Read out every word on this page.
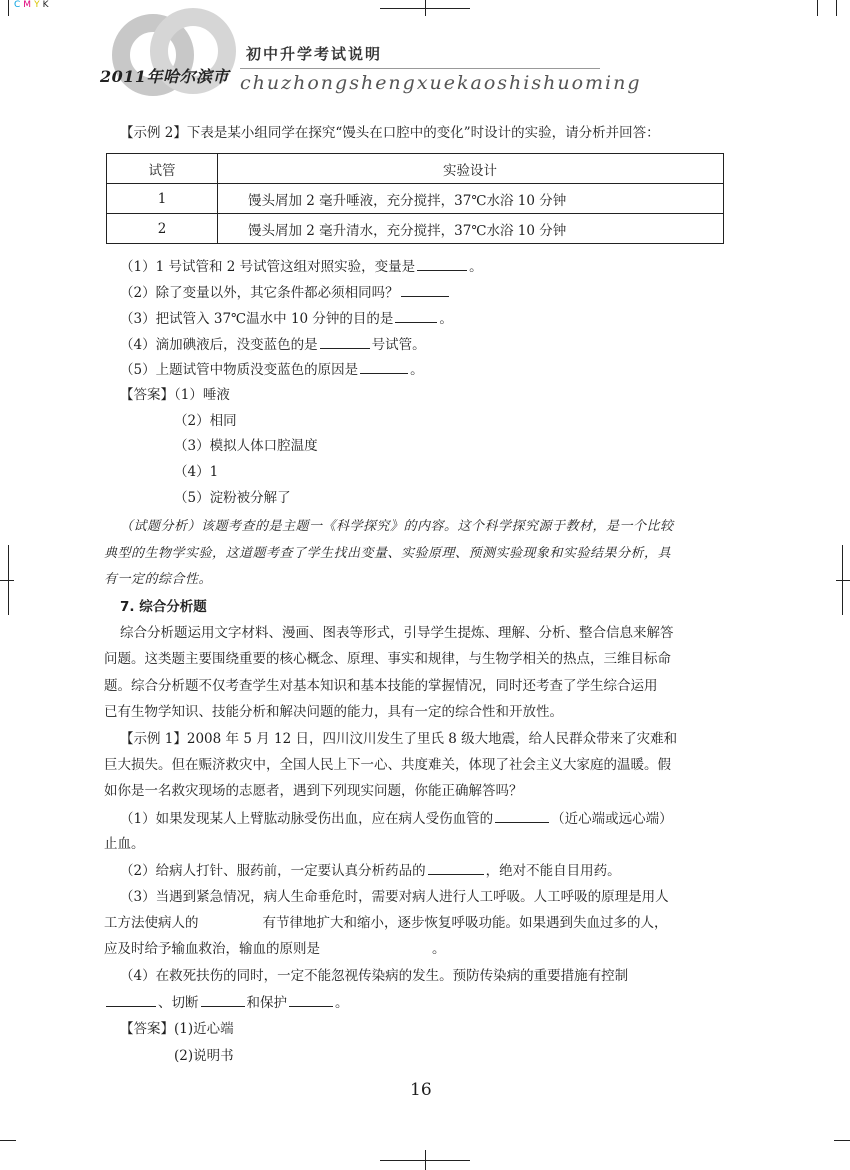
CMYK
2011年哈尔滨市
初中升学考试说明
chuzhongshengxuekaoshishuoming
【示例 2】下表是某小组同学在探究“馒头在口腔中的变化”时设计的实验，请分析并回答：
试管	实验设计
1	馒头屑加 2 毫升唾液，充分搅拌，37℃水浴 10 分钟
2	馒头屑加 2 毫升清水，充分搅拌，37℃水浴 10 分钟
（1）1 号试管和 2 号试管这组对照实验，变量是	。
（2）除了变量以外，其它条件都必须相同吗？
（3）把试管入 37℃温水中 10 分钟的目的是	。
（4）滴加碘液后，没变蓝色的是	号试管。
（5）上题试管中物质没变蓝色的原因是	。
【答案】（1）唾液
（2）相同
（3）模拟人体口腔温度
（4）1
（5）淀粉被分解了
（试题分析）该题考查的是主题一《科学探究》的内容。这个科学探究源于教材，是一个比较
典型的生物学实验，这道题考查了学生找出变量、实验原理、预测实验现象和实验结果分析，具
有一定的综合性。
7. 综合分析题
综合分析题运用文字材料、漫画、图表等形式，引导学生提炼、理解、分析、整合信息来解答
问题。这类题主要围绕重要的核心概念、原理、事实和规律，与生物学相关的热点，三维目标命
题。综合分析题不仅考查学生对基本知识和基本技能的掌握情况，同时还考查了学生综合运用
已有生物学知识、技能分析和解决问题的能力，具有一定的综合性和开放性。
【示例 1】2008 年 5 月 12 日，四川汶川发生了里氏 8 级大地震，给人民群众带来了灾难和
巨大损失。但在赈济救灾中，全国人民上下一心、共度难关，体现了社会主义大家庭的温暖。假
如你是一名救灾现场的志愿者，遇到下列现实问题，你能正确解答吗？
（1）如果发现某人上臂肱动脉受伤出血，应在病人受伤血管的	（近心端或远心端）
止血。
（2）给病人打针、服药前，一定要认真分析药品的	，绝对不能自目用药。
（3）当遇到紧急情况，病人生命垂危时，需要对病人进行人工呼吸。人工呼吸的原理是用人
工方法使病人的	有节律地扩大和缩小，逐步恢复呼吸功能。如果遇到失血过多的人，
应及时给予输血救治，输血的原则是	。
（4）在救死扶伤的同时，一定不能忽视传染病的发生。预防传染病的重要措施有控制
、切断	和保护	。
【答案】(1)近心端
(2)说明书
16
